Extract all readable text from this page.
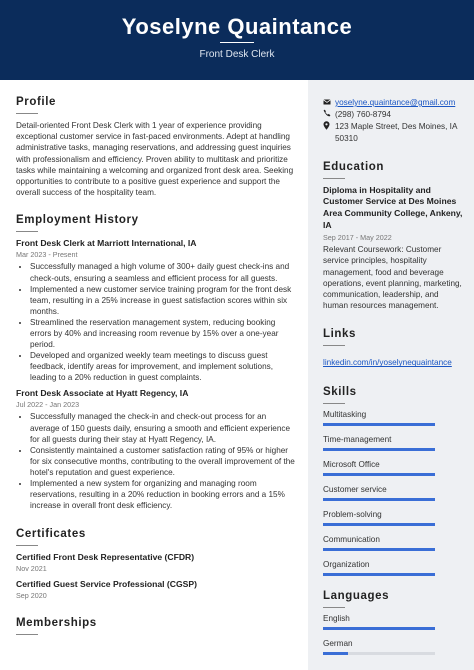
Yoselyne Quaintance
Front Desk Clerk
Profile

Detail-oriented Front Desk Clerk with 1 year of experience providing exceptional customer service in fast-paced environments. Adept at handling administrative tasks, managing reservations, and addressing guest inquiries with professionalism and efficiency. Proven ability to multitask and prioritize tasks while maintaining a welcoming and organized front desk area. Seeking opportunities to contribute to a positive guest experience and support the overall success of the hospitality team.

Employment History

Front Desk Clerk at Marriott International, IA

Mar 2023 - Present

• Successfully managed a high volume of 300+ daily guest check-ins and check-outs, ensuring a seamless and efficient process for all guests.
• Implemented a new customer service training program for the front desk team, resulting in a 25% increase in guest satisfaction scores within six months.
• Streamlined the reservation management system, reducing booking errors by 40% and increasing room revenue by 15% over a one-year period.
• Developed and organized weekly team meetings to discuss guest feedback, identify areas for improvement, and implement solutions, leading to a 20% reduction in guest complaints.

Front Desk Associate at Hyatt Regency, IA

Jul 2022 - Jan 2023

• Successfully managed the check-in and check-out process for an average of 150 guests daily, ensuring a smooth and efficient experience for all guests during their stay at Hyatt Regency, IA.
• Consistently maintained a customer satisfaction rating of 95% or higher for six consecutive months, contributing to the overall improvement of the hotel's reputation and guest experience.
• Implemented a new system for organizing and managing room reservations, resulting in a 20% reduction in booking errors and a 15% increase in overall front desk efficiency.
Certificates

Certified Front Desk Representative (CFDR)

Nov 2021

Certified Guest Service Professional (CGSP)

Sep 2020

Memberships
yoselyne.quaintance@gmail.com
(298) 760-8794
123 Maple Street, Des Moines, IA 50310
Education

Diploma in Hospitality and Customer Service at Des Moines Area Community College, Ankeny, IA

Sep 2017 - May 2022

Relevant Coursework: Customer service principles, hospitality management, food and beverage operations, event planning, marketing, communication, leadership, and human resources management.

Links
linkedin.com/in/yoselynequaintance
Skills

Multitasking

Time-management

Microsoft Office

Customer service

Problem-solving

Communication

Organization

Languages

English

German
